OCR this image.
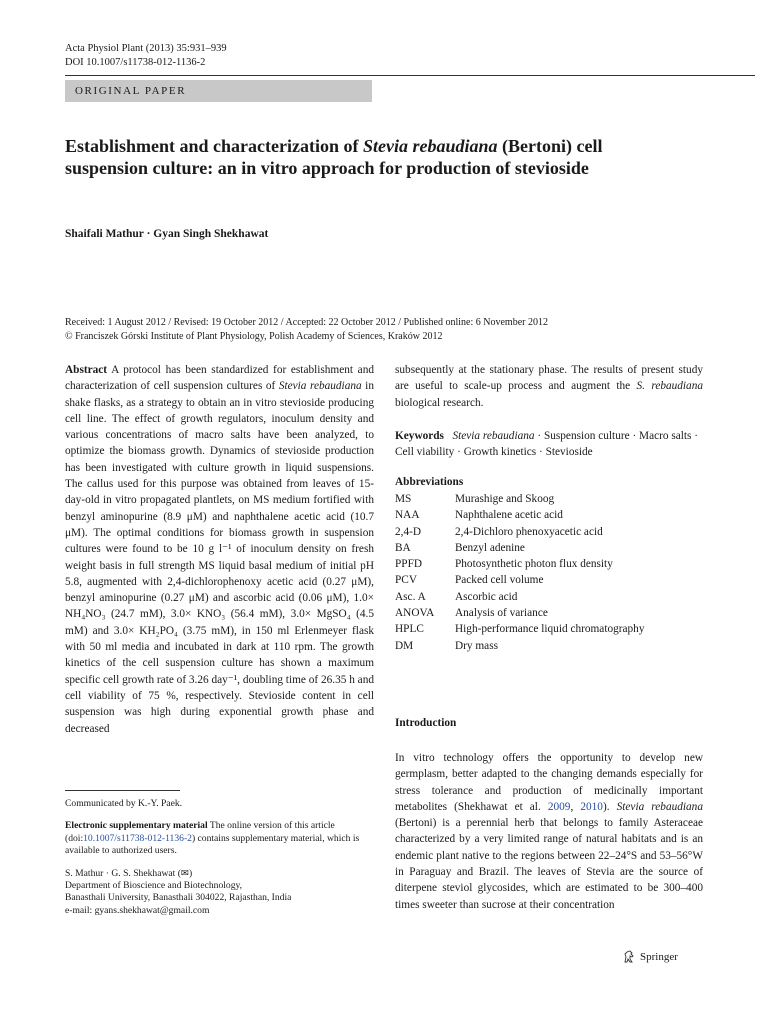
Acta Physiol Plant (2013) 35:931–939
DOI 10.1007/s11738-012-1136-2
ORIGINAL PAPER
Establishment and characterization of Stevia rebaudiana (Bertoni) cell suspension culture: an in vitro approach for production of stevioside
Shaifali Mathur · Gyan Singh Shekhawat
Received: 1 August 2012 / Revised: 19 October 2012 / Accepted: 22 October 2012 / Published online: 6 November 2012
© Franciszek Górski Institute of Plant Physiology, Polish Academy of Sciences, Kraków 2012

Abstract A protocol has been standardized for establishment and characterization of cell suspension cultures of Stevia rebaudiana in shake flasks, as a strategy to obtain an in vitro stevioside producing cell line. The effect of growth regulators, inoculum density and various concentrations of macro salts have been analyzed, to optimize the biomass growth. Dynamics of stevioside production has been investigated with culture growth in liquid suspensions. The callus used for this purpose was obtained from leaves of 15-day-old in vitro propagated plantlets, on MS medium fortified with benzyl aminopurine (8.9 μM) and naphthalene acetic acid (10.7 μM). The optimal conditions for biomass growth in suspension cultures were found to be 10 g l⁻¹ of inoculum density on fresh weight basis in full strength MS liquid basal medium of initial pH 5.8, augmented with 2,4-dichlorophenoxy acetic acid (0.27 μM), benzyl aminopurine (0.27 μM) and ascorbic acid (0.06 μM), 1.0× NH₄NO₃ (24.7 mM), 3.0× KNO₃ (56.4 mM), 3.0× MgSO₄ (4.5 mM) and 3.0× KH₂PO₄ (3.75 mM), in 150 ml Erlenmeyer flask with 50 ml media and incubated in dark at 110 rpm. The growth kinetics of the cell suspension culture has shown a maximum specific cell growth rate of 3.26 day⁻¹, doubling time of 26.35 h and cell viability of 75 %, respectively. Stevioside content in cell suspension was high during exponential growth phase and decreased

subsequently at the stationary phase. The results of present study are useful to scale-up process and augment the S. rebaudiana biological research.

Keywords Stevia rebaudiana · Suspension culture · Macro salts · Cell viability · Growth kinetics · Stevioside
Abbreviations
MS	Murashige and Skoog
NAA	Naphthalene acetic acid
2,4-D	2,4-Dichloro phenoxyacetic acid
BA	Benzyl adenine
PPFD	Photosynthetic photon flux density
PCV	Packed cell volume
Asc. A	Ascorbic acid
ANOVA	Analysis of variance
HPLC	High-performance liquid chromatography
DM	Dry mass
Introduction

In vitro technology offers the opportunity to develop new germplasm, better adapted to the changing demands especially for stress tolerance and production of medicinally important metabolites (Shekhawat et al. 2009, 2010). Stevia rebaudiana (Bertoni) is a perennial herb that belongs to family Asteraceae characterized by a very limited range of natural habitats and is an endemic plant native to the regions between 22–24°S and 53–56°W in Paraguay and Brazil. The leaves of Stevia are the source of diterpene steviol glycosides, which are estimated to be 300–400 times sweeter than sucrose at their concentration

Communicated by K.-Y. Paek.

Electronic supplementary material The online version of this article (doi:10.1007/s11738-012-1136-2) contains supplementary material, which is available to authorized users.

S. Mathur · G. S. Shekhawat (✉)
Department of Bioscience and Biotechnology,
Banasthali University, Banasthali 304022, Rajasthan, India
e-mail: gyans.shekhawat@gmail.com

Springer
